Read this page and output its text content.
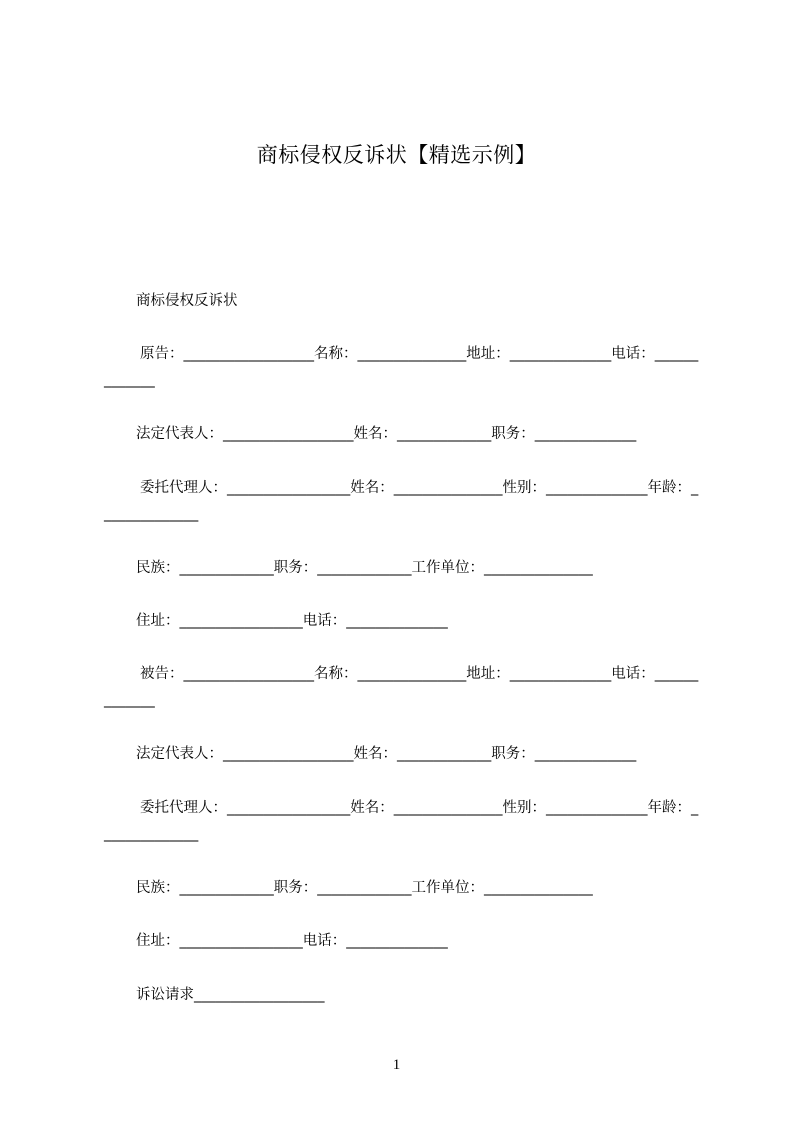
商标侵权反诉状【精选示例】
商标侵权反诉状
原告：__________________名称：_______________地址：______________电话：_____________
法定代表人：__________________姓名：_____________职务：______________
委托代理人：_________________姓名：_______________性别：______________年龄：______________
民族：_____________职务：_____________工作单位：_______________
住址：_________________电话：______________
被告：__________________名称：_______________地址：______________电话：_____________
法定代表人：__________________姓名：_____________职务：______________
委托代理人：_________________姓名：_______________性别：______________年龄：______________
民族：_____________职务：_____________工作单位：_______________
住址：_________________电话：______________
诉讼请求__________________
1
